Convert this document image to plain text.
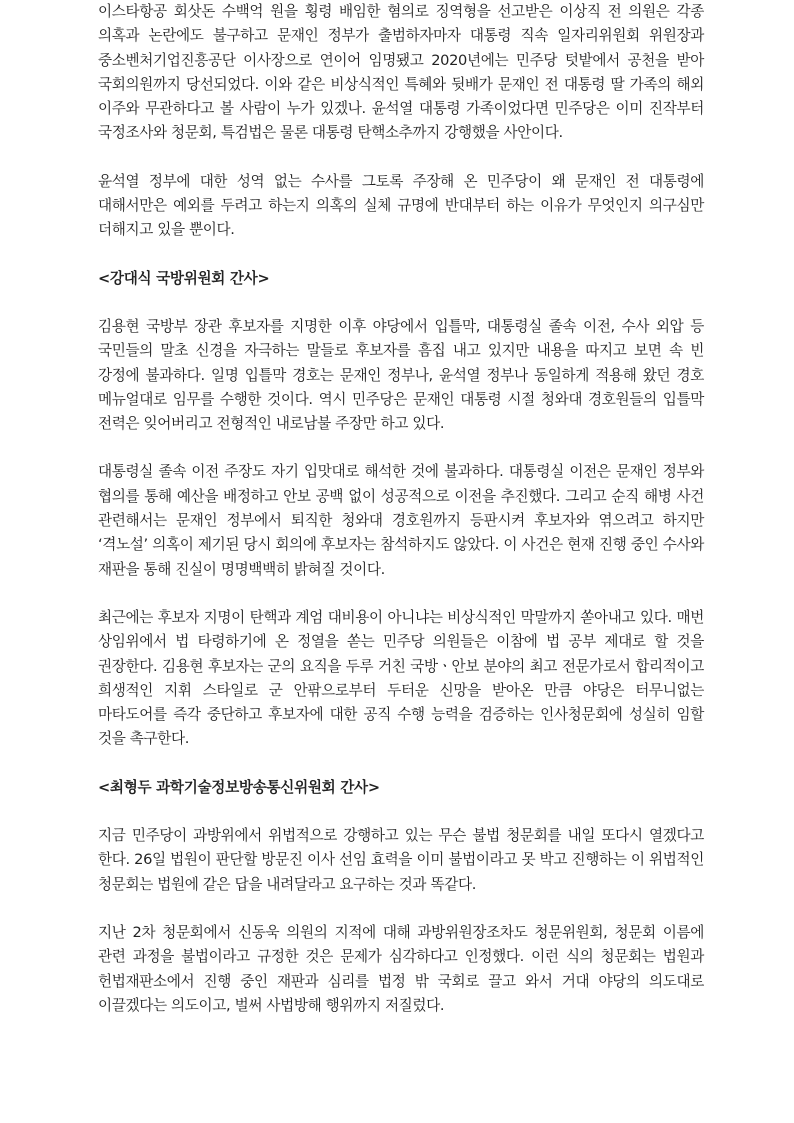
이스타항공 회삿돈 수백억 원을 횡령 배임한 혐의로 징역형을 선고받은 이상직 전 의원은 각종 의혹과 논란에도 불구하고 문재인 정부가 출범하자마자 대통령 직속 일자리위원회 위원장과 중소벤처기업진흥공단 이사장으로 연이어 임명됐고 2020년에는 민주당 텃밭에서 공천을 받아 국회의원까지 당선되었다. 이와 같은 비상식적인 특혜와 뒷배가 문재인 전 대통령 딸 가족의 해외 이주와 무관하다고 볼 사람이 누가 있겠나. 윤석열 대통령 가족이었다면 민주당은 이미 진작부터 국정조사와 청문회, 특검법은 물론 대통령 탄핵소추까지 강행했을 사안이다.

윤석열 정부에 대한 성역 없는 수사를 그토록 주장해 온 민주당이 왜 문재인 전 대통령에 대해서만은 예외를 두려고 하는지 의혹의 실체 규명에 반대부터 하는 이유가 무엇인지 의구심만 더해지고 있을 뿐이다.

<강대식 국방위원회 간사>

김용현 국방부 장관 후보자를 지명한 이후 야당에서 입틀막, 대통령실 졸속 이전, 수사 외압 등 국민들의 말초 신경을 자극하는 말들로 후보자를 흠집 내고 있지만 내용을 따지고 보면 속 빈 강정에 불과하다. 일명 입틀막 경호는 문재인 정부나, 윤석열 정부나 동일하게 적용해 왔던 경호 메뉴얼대로 임무를 수행한 것이다. 역시 민주당은 문재인 대통령 시절 청와대 경호원들의 입틀막 전력은 잊어버리고 전형적인 내로남불 주장만 하고 있다.

대통령실 졸속 이전 주장도 자기 입맛대로 해석한 것에 불과하다. 대통령실 이전은 문재인 정부와 협의를 통해 예산을 배정하고 안보 공백 없이 성공적으로 이전을 추진했다. 그리고 순직 해병 사건 관련해서는 문재인 정부에서 퇴직한 청와대 경호원까지 등판시켜 후보자와 엮으려고 하지만 ‘격노설’ 의혹이 제기된 당시 회의에 후보자는 참석하지도 않았다. 이 사건은 현재 진행 중인 수사와 재판을 통해 진실이 명명백백히 밝혀질 것이다.

최근에는 후보자 지명이 탄핵과 계엄 대비용이 아니냐는 비상식적인 막말까지 쏟아내고 있다. 매번 상임위에서 법 타령하기에 온 정열을 쏟는 민주당 의원들은 이참에 법 공부 제대로 할 것을 권장한다. 김용현 후보자는 군의 요직을 두루 거친 국방ㆍ안보 분야의 최고 전문가로서 합리적이고 희생적인 지휘 스타일로 군 안팎으로부터 두터운 신망을 받아온 만큼 야당은 터무니없는 마타도어를 즉각 중단하고 후보자에 대한 공직 수행 능력을 검증하는 인사청문회에 성실히 임할 것을 촉구한다.

<최형두 과학기술정보방송통신위원회 간사>

지금 민주당이 과방위에서 위법적으로 강행하고 있는 무슨 불법 청문회를 내일 또다시 열겠다고 한다. 26일 법원이 판단할 방문진 이사 선임 효력을 이미 불법이라고 못 박고 진행하는 이 위법적인 청문회는 법원에 같은 답을 내려달라고 요구하는 것과 똑같다.

지난 2차 청문회에서 신동욱 의원의 지적에 대해 과방위원장조차도 청문위원회, 청문회 이름에 관련 과정을 불법이라고 규정한 것은 문제가 심각하다고 인정했다. 이런 식의 청문회는 법원과 헌법재판소에서 진행 중인 재판과 심리를 법정 밖 국회로 끌고 와서 거대 야당의 의도대로 이끌겠다는 의도이고, 벌써 사법방해 행위까지 저질렀다.
